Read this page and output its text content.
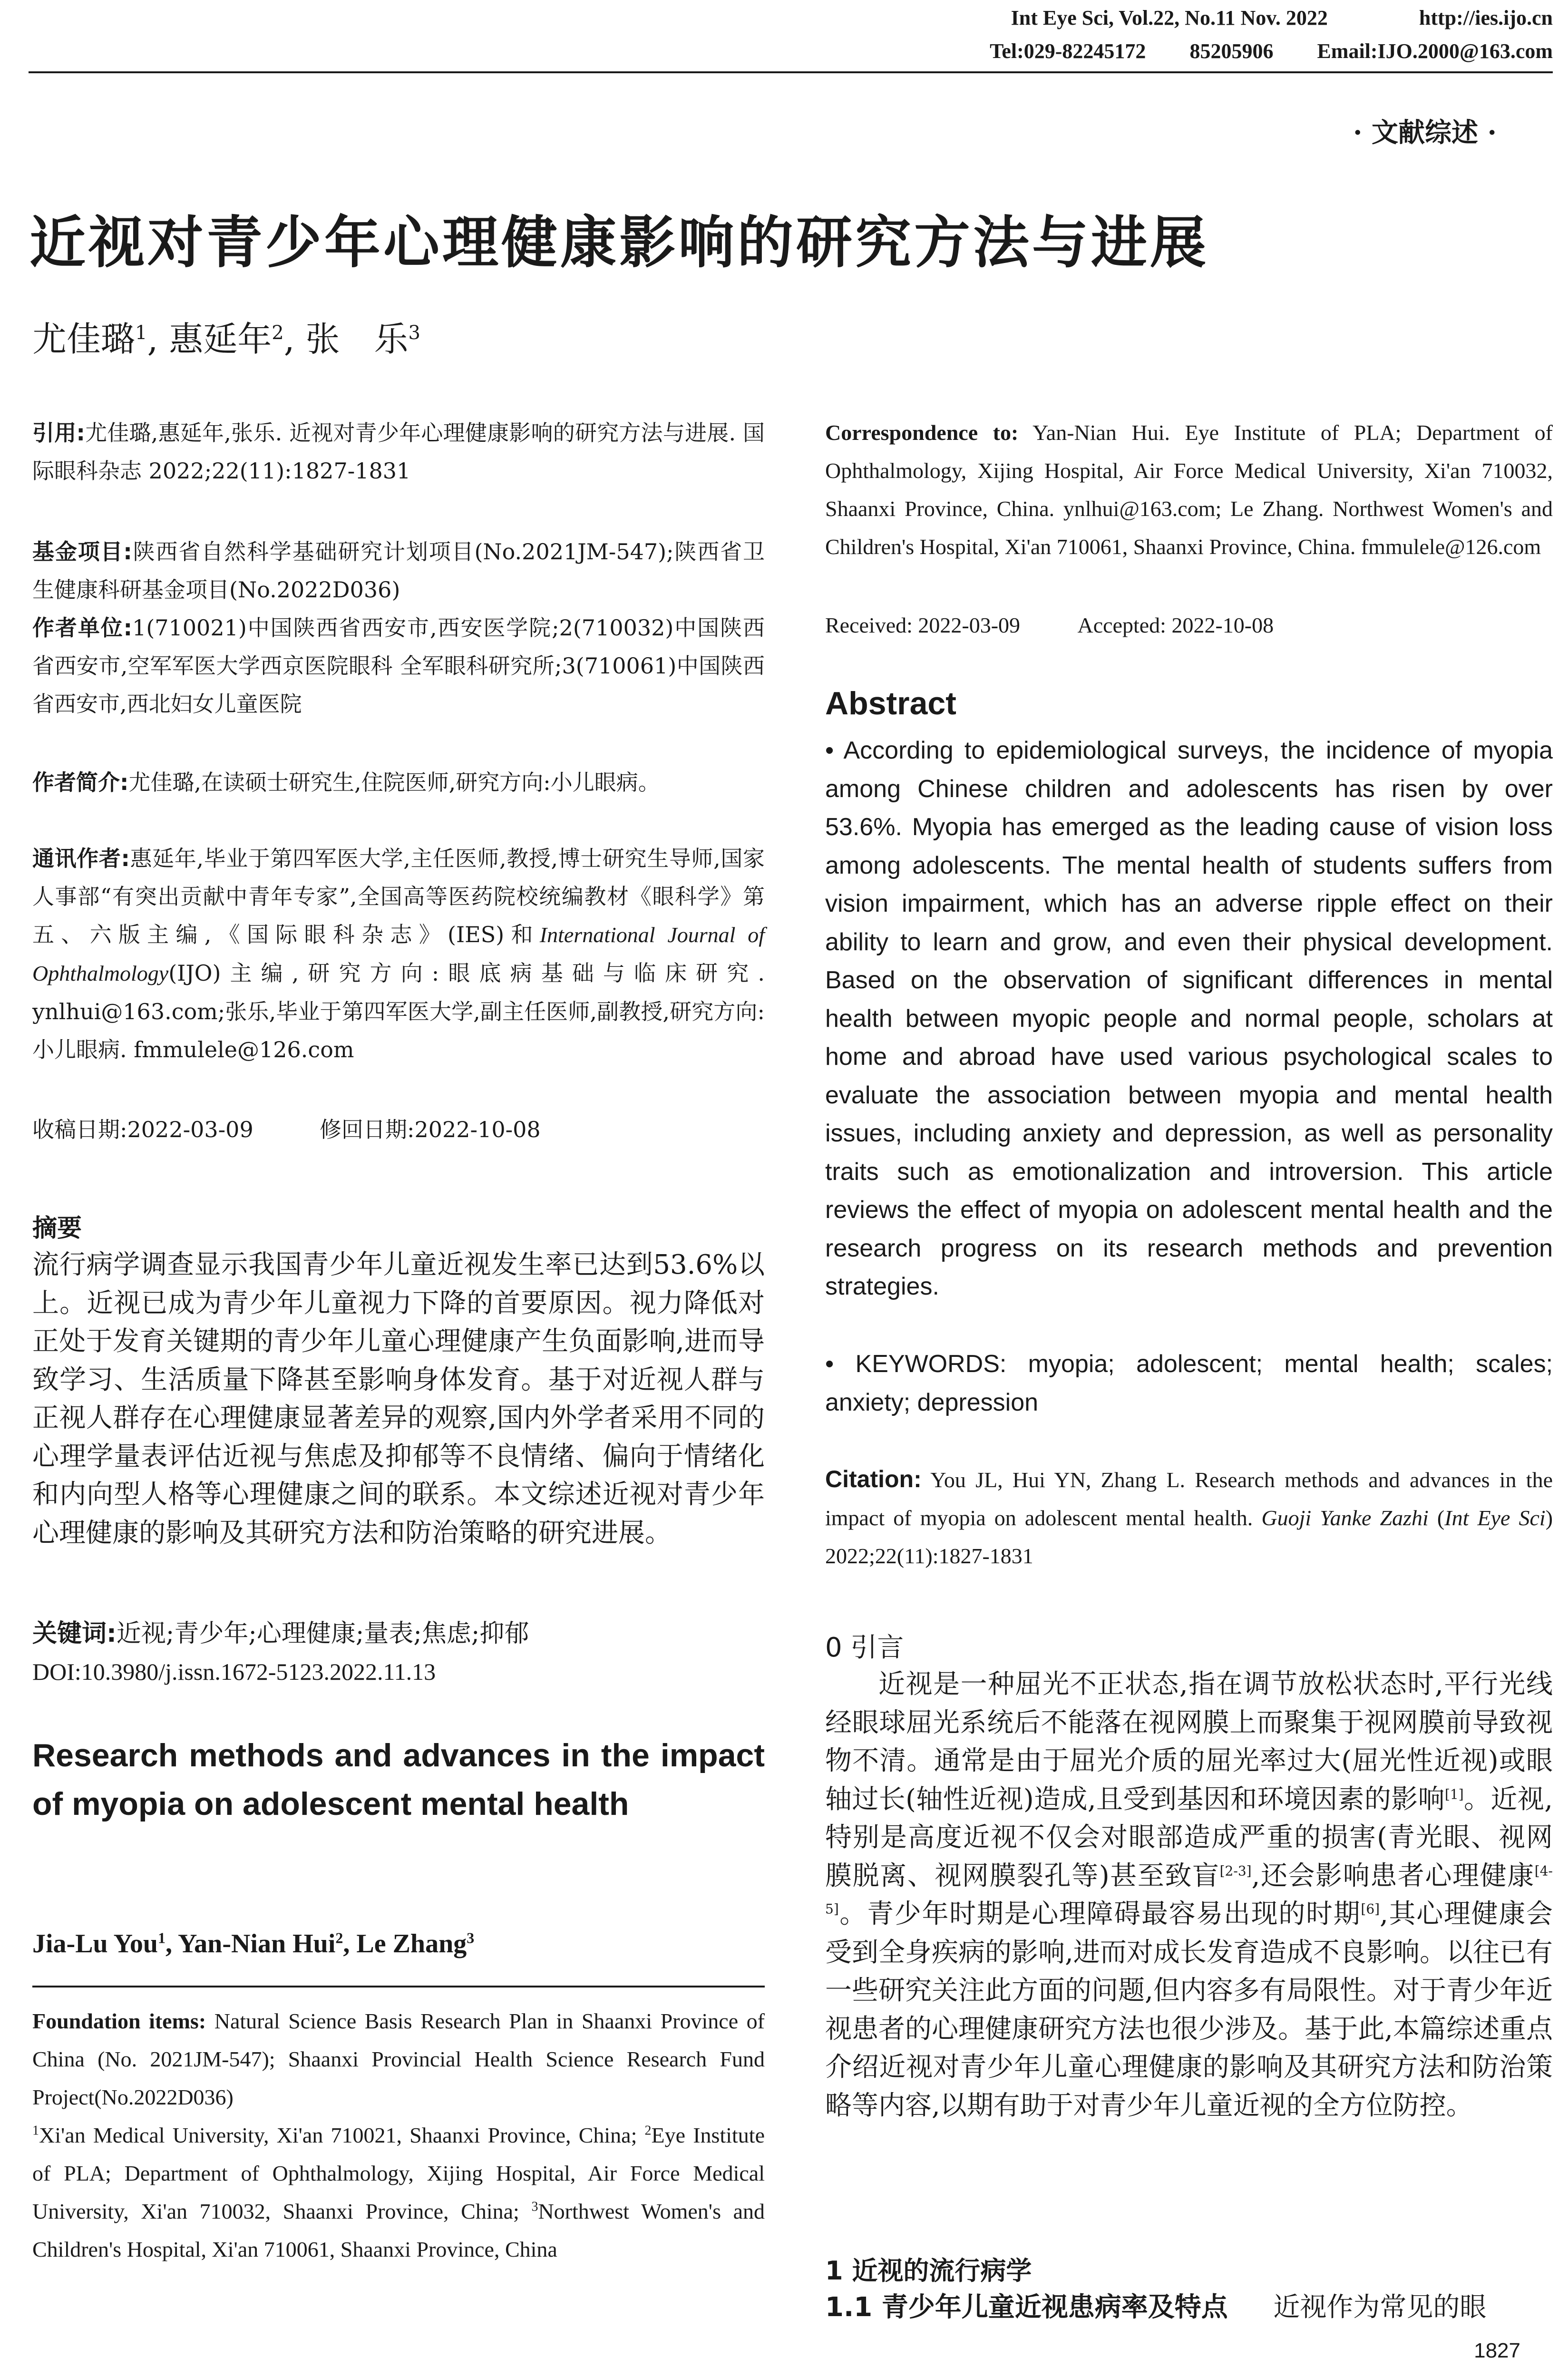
Int Eye Sci, Vol.22, No.11 Nov. 2022	http://ies.ijo.cn
Tel:029-82245172 85205906 Email:IJO.2000@163.com
· 文献综述 ·
近视对青少年心理健康影响的研究方法与进展
尤佳璐$^1$, 惠延年$^2$, 张　乐$^3$
引用:尤佳璐,惠延年,张乐. 近视对青少年心理健康影响的研究方法与进展. 国际眼科杂志 2022;22(11):1827-1831
基金项目:陕西省自然科学基础研究计划项目(No.2021JM-547);陕西省卫生健康科研基金项目(No.2022D036)
作者单位:1(710021)中国陕西省西安市,西安医学院;2(710032)中国陕西省西安市,空军军医大学西京医院眼科 全军眼科研究所;3(710061)中国陕西省西安市,西北妇女儿童医院
作者简介:尤佳璐,在读硕士研究生,住院医师,研究方向:小儿眼病。
通讯作者:惠延年,毕业于第四军医大学,主任医师,教授,博士研究生导师,国家人事部“有突出贡献中青年专家”,全国高等医药院校统编教材《眼科学》第五、六版主编,《国际眼科杂志》(IES)和International Journal of Ophthalmology(IJO)主编,研究方向:眼底病基础与临床研究. ynlhui@163.com;张乐,毕业于第四军医大学,副主任医师,副教授,研究方向:小儿眼病. fmmulele@126.com
收稿日期:2022-03-09	修回日期:2022-10-08
摘要
流行病学调查显示我国青少年儿童近视发生率已达到53.6%以上。近视已成为青少年儿童视力下降的首要原因。视力降低对正处于发育关键期的青少年儿童心理健康产生负面影响,进而导致学习、生活质量下降甚至影响身体发育。基于对近视人群与正视人群存在心理健康显著差异的观察,国内外学者采用不同的心理学量表评估近视与焦虑及抑郁等不良情绪、偏向于情绪化和内向型人格等心理健康之间的联系。本文综述近视对青少年心理健康的影响及其研究方法和防治策略的研究进展。
关键词:近视;青少年;心理健康;量表;焦虑;抑郁
DOI:10.3980/j.issn.1672-5123.2022.11.13
Research methods and advances in the impact of myopia on adolescent mental health
Jia-Lu You$^1$, Yan-Nian Hui$^2$, Le Zhang$^3$
Foundation items: Natural Science Basis Research Plan in Shaanxi Province of China (No. 2021JM-547); Shaanxi Provincial Health Science Research Fund Project(No.2022D036)
$^1$Xi'an Medical University, Xi'an 710021, Shaanxi Province, China; $^2$Eye Institute of PLA; Department of Ophthalmology, Xijing Hospital, Air Force Medical University, Xi'an 710032, Shaanxi Province, China; $^3$Northwest Women's and Children's Hospital, Xi'an 710061, Shaanxi Province, China
Correspondence to: Yan-Nian Hui. Eye Institute of PLA; Department of Ophthalmology, Xijing Hospital, Air Force Medical University, Xi'an 710032, Shaanxi Province, China. ynlhui@163.com; Le Zhang. Northwest Women's and Children's Hospital, Xi'an 710061, Shaanxi Province, China. fmmulele@126.com
Received: 2022-03-09	Accepted: 2022-10-08
Abstract
• According to epidemiological surveys, the incidence of myopia among Chinese children and adolescents has risen by over 53.6%. Myopia has emerged as the leading cause of vision loss among adolescents. The mental health of students suffers from vision impairment, which has an adverse ripple effect on their ability to learn and grow, and even their physical development. Based on the observation of significant differences in mental health between myopic people and normal people, scholars at home and abroad have used various psychological scales to evaluate the association between myopia and mental health issues, including anxiety and depression, as well as personality traits such as emotionalization and introversion. This article reviews the effect of myopia on adolescent mental health and the research progress on its research methods and prevention strategies.
• KEYWORDS: myopia; adolescent; mental health; scales; anxiety; depression
Citation: You JL, Hui YN, Zhang L. Research methods and advances in the impact of myopia on adolescent mental health. Guoji Yanke Zazhi (Int Eye Sci) 2022;22(11):1827-1831
0 引言
近视是一种屈光不正状态,指在调节放松状态时,平行光线经眼球屈光系统后不能落在视网膜上而聚集于视网膜前导致视物不清。通常是由于屈光介质的屈光率过大(屈光性近视)或眼轴过长(轴性近视)造成,且受到基因和环境因素的影响[1]。近视,特别是高度近视不仅会对眼部造成严重的损害(青光眼、视网膜脱离、视网膜裂孔等)甚至致盲[2-3],还会影响患者心理健康[4-5]。青少年时期是心理障碍最容易出现的时期[6],其心理健康会受到全身疾病的影响,进而对成长发育造成不良影响。以往已有一些研究关注此方面的问题,但内容多有局限性。对于青少年近视患者的心理健康研究方法也很少涉及。基于此,本篇综述重点介绍近视对青少年儿童心理健康的影响及其研究方法和防治策略等内容,以期有助于对青少年儿童近视的全方位防控。
1 近视的流行病学
1.1 青少年儿童近视患病率及特点 近视作为常见的眼
1827
